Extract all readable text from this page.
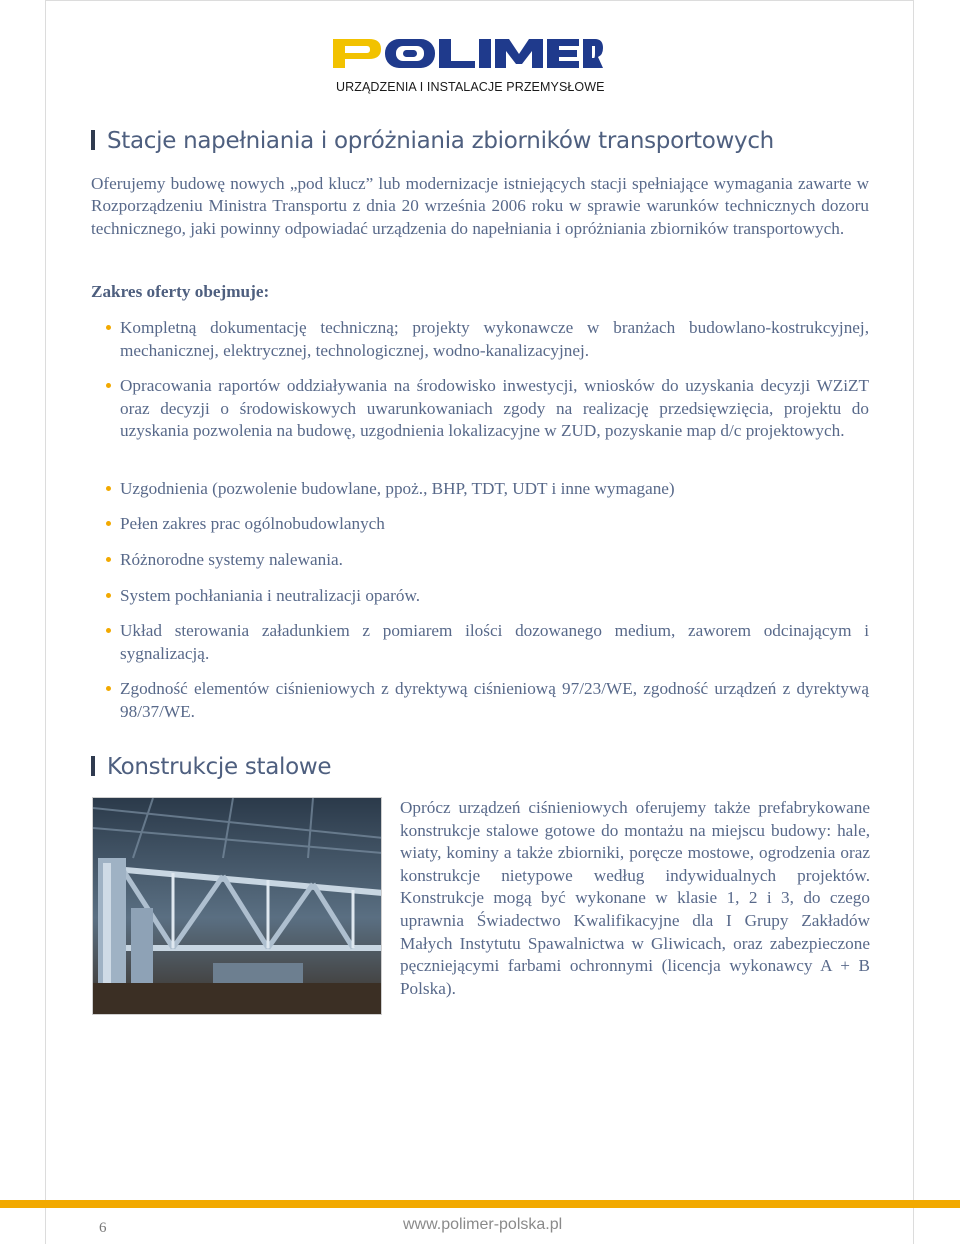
URZĄDZENIA I INSTALACJE PRZEMYSŁOWE
Stacje napełniania i opróżniania zbiorników transportowych
Oferujemy budowę nowych „pod klucz” lub modernizacje istniejących stacji spełniające wymagania zawarte w Rozporządzeniu Ministra Transportu z dnia 20 września 2006 roku w sprawie warunków technicznych dozoru technicznego, jaki powinny odpowiadać urządzenia do napełniania i opróżniania zbiorników transportowych.
Zakres oferty obejmuje:
Kompletną dokumentację techniczną; projekty wykonawcze w branżach budowlano-kostrukcyjnej, mechanicznej, elektrycznej, technologicznej, wodno-kanalizacyjnej.
Opracowania raportów oddziaływania na środowisko inwestycji, wniosków do uzyskania decyzji WZiZT oraz decyzji o środowiskowych uwarunkowaniach zgody na realizację przedsięwzięcia, projektu do uzyskania pozwolenia na budowę, uzgodnienia lokalizacyjne w ZUD, pozyskanie map d/c projektowych.
Uzgodnienia (pozwolenie budowlane, ppoż., BHP, TDT, UDT i inne wymagane)
Pełen zakres prac ogólnobudowlanych
Różnorodne systemy nalewania.
System pochłaniania i neutralizacji oparów.
Układ sterowania załadunkiem z pomiarem ilości dozowanego medium, zaworem odcinającym i sygnalizacją.
Zgodność elementów ciśnieniowych z dyrektywą ciśnieniową 97/23/WE, zgodność urządzeń z dyrektywą 98/37/WE.
Konstrukcje stalowe
Oprócz urządzeń ciśnieniowych oferujemy także prefabrykowane konstrukcje stalowe gotowe do montażu na miejscu budowy: hale, wiaty, kominy a także zbiorniki, poręcze mostowe, ogrodzenia oraz konstrukcje nietypowe według indywidualnych projektów. Konstrukcje mogą być wykonane w klasie 1, 2 i 3, do czego uprawnia Świadectwo Kwalifikacyjne dla I Grupy Zakładów Małych Instytutu Spawalnictwa w Gliwicach, oraz zabezpieczone pęczniejącymi farbami ochronnymi (licencja wykonawcy A + B Polska).
6	www.polimer-polska.pl
